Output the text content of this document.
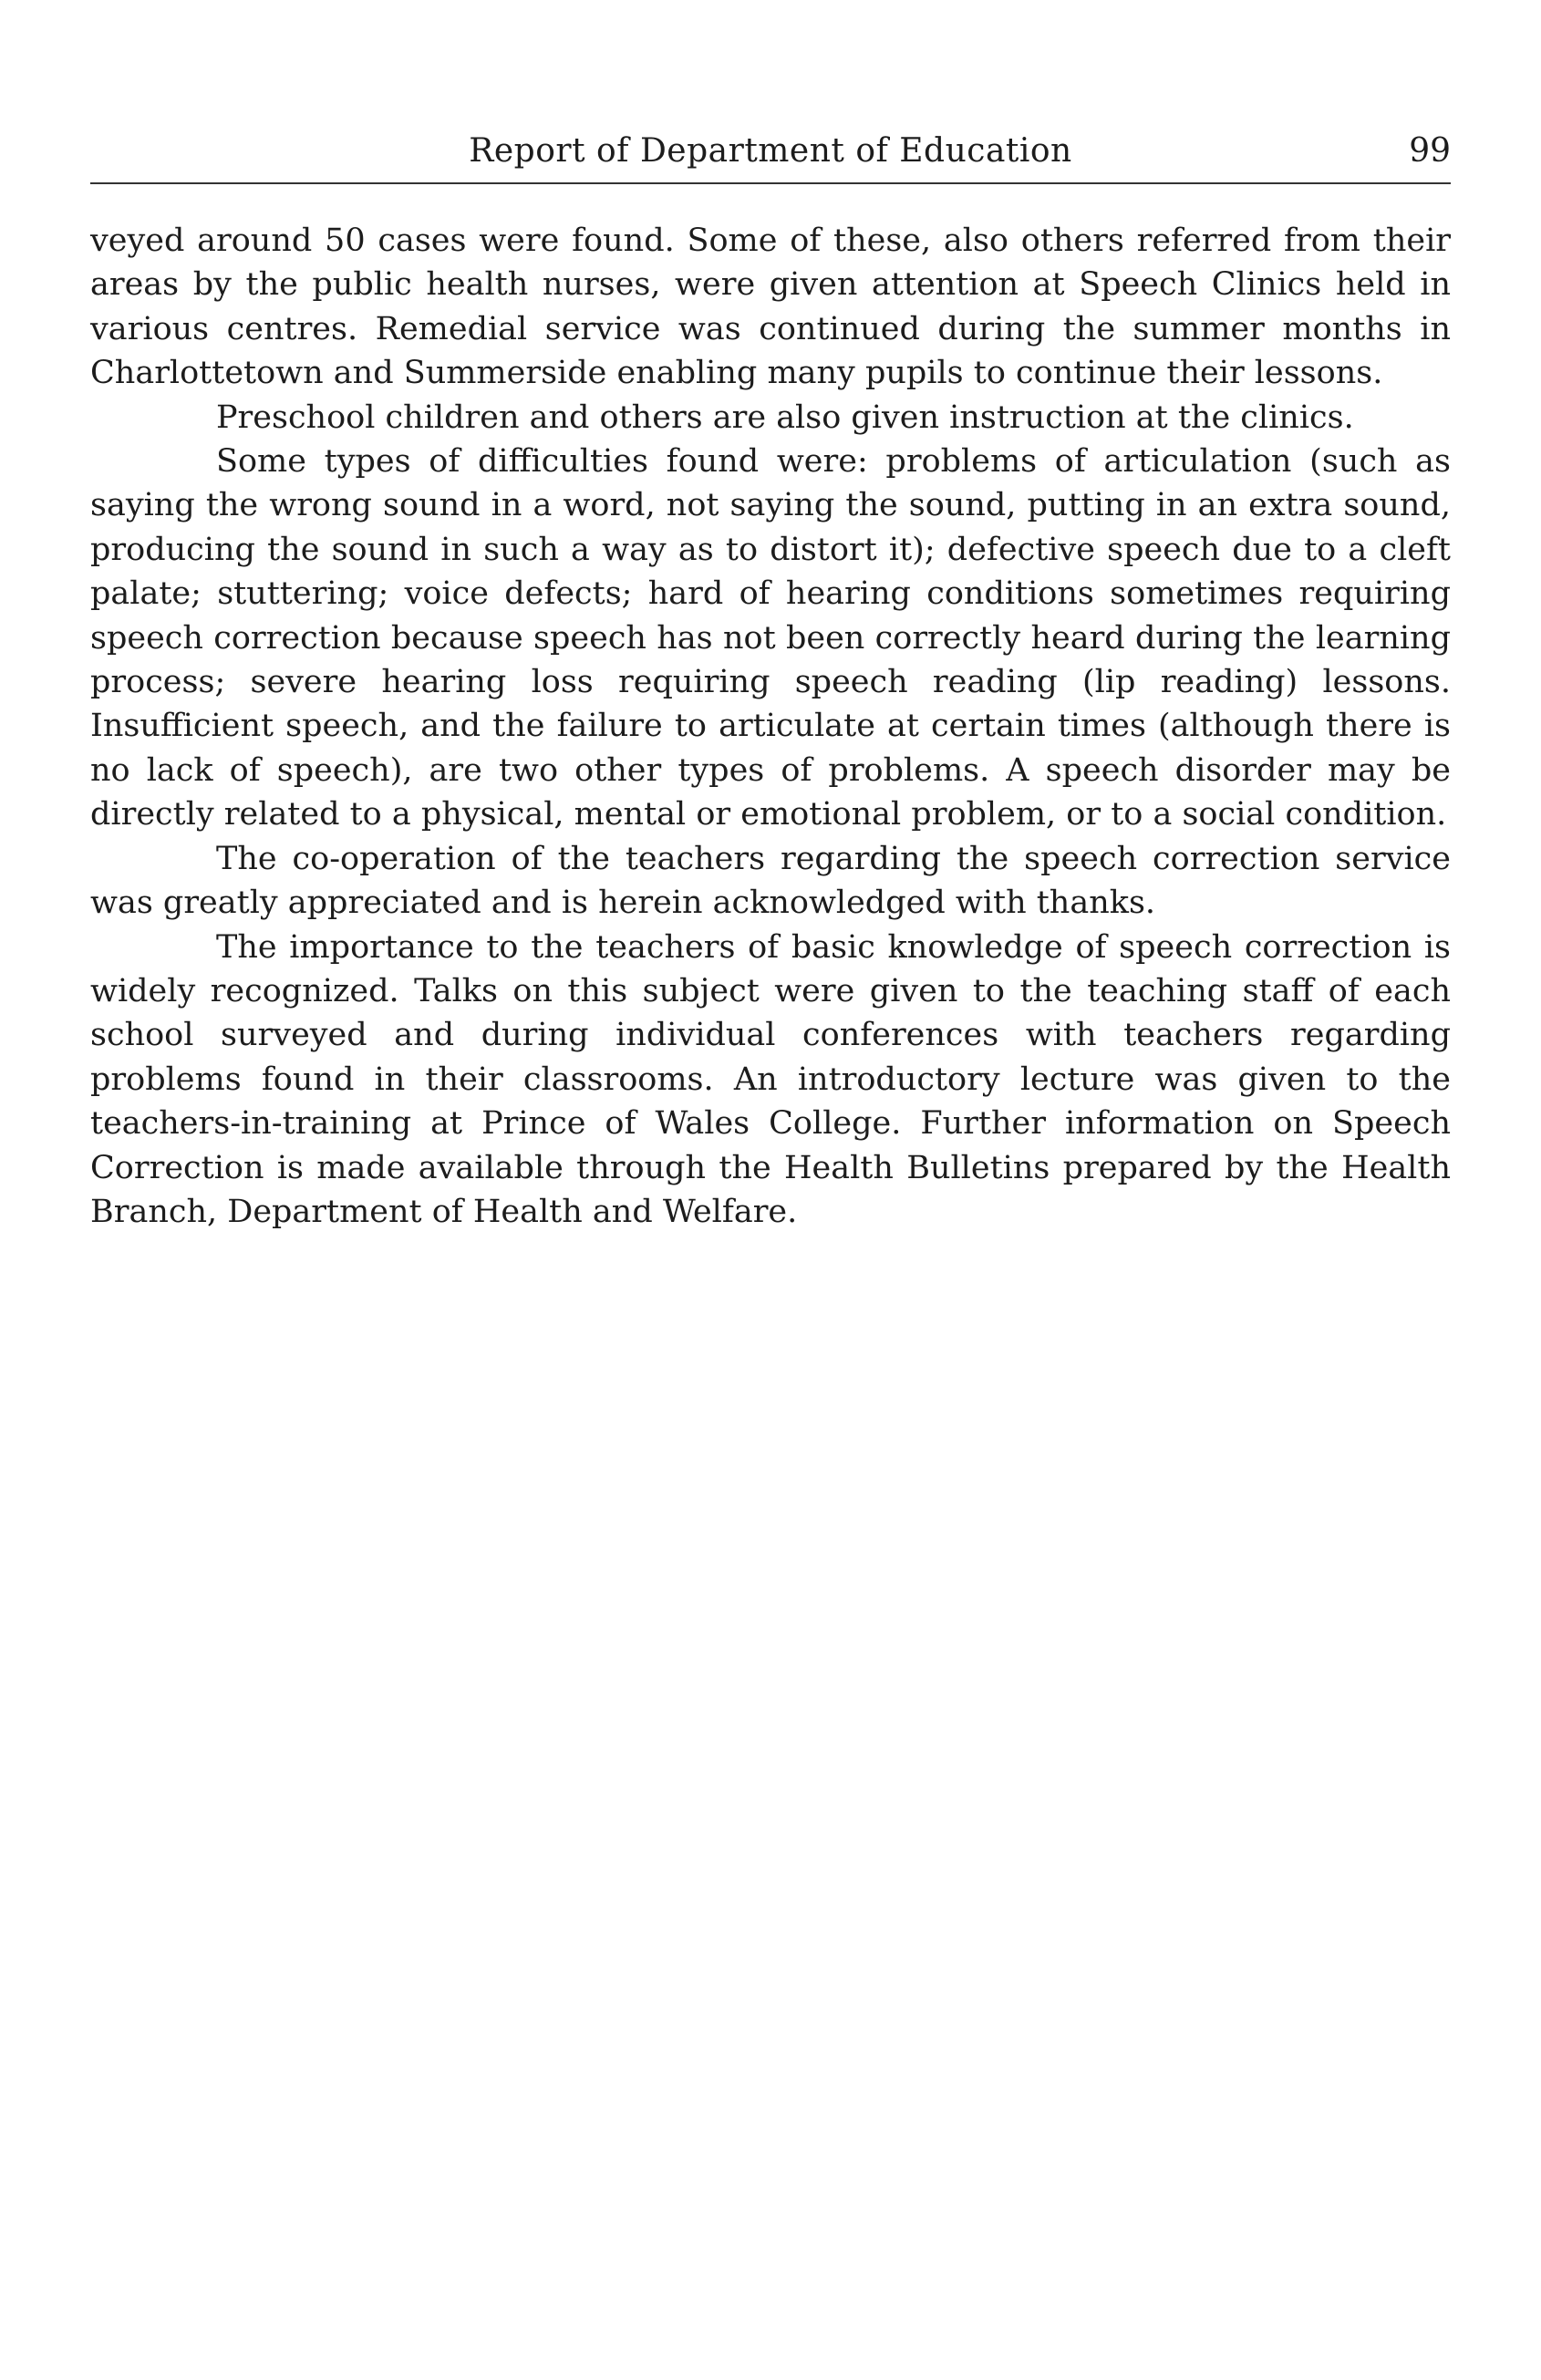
Report of Department of Education	99

veyed around 50 cases were found. Some of these, also others referred from their areas by the public health nurses, were given attention at Speech Clinics held in various centres. Remedial service was continued during the summer months in Charlottetown and Summerside enabling many pupils to continue their lessons.

Preschool children and others are also given instruction at the clinics.

Some types of difficulties found were: problems of articulation (such as saying the wrong sound in a word, not saying the sound, putting in an extra sound, producing the sound in such a way as to distort it); defective speech due to a cleft palate; stuttering; voice defects; hard of hearing conditions sometimes requiring speech correction because speech has not been correctly heard during the learning process; severe hearing loss requiring speech reading (lip reading) lessons. Insufficient speech, and the failure to articulate at certain times (although there is no lack of speech), are two other types of problems. A speech disorder may be directly related to a physical, mental or emotional problem, or to a social condition.

The co-operation of the teachers regarding the speech correction service was greatly appreciated and is herein acknowledged with thanks.

The importance to the teachers of basic knowledge of speech correction is widely recognized. Talks on this subject were given to the teaching staff of each school surveyed and during individual conferences with teachers regarding problems found in their classrooms. An introductory lecture was given to the teachers-in-training at Prince of Wales College. Further information on Speech Correction is made available through the Health Bulletins prepared by the Health Branch, Department of Health and Welfare.
